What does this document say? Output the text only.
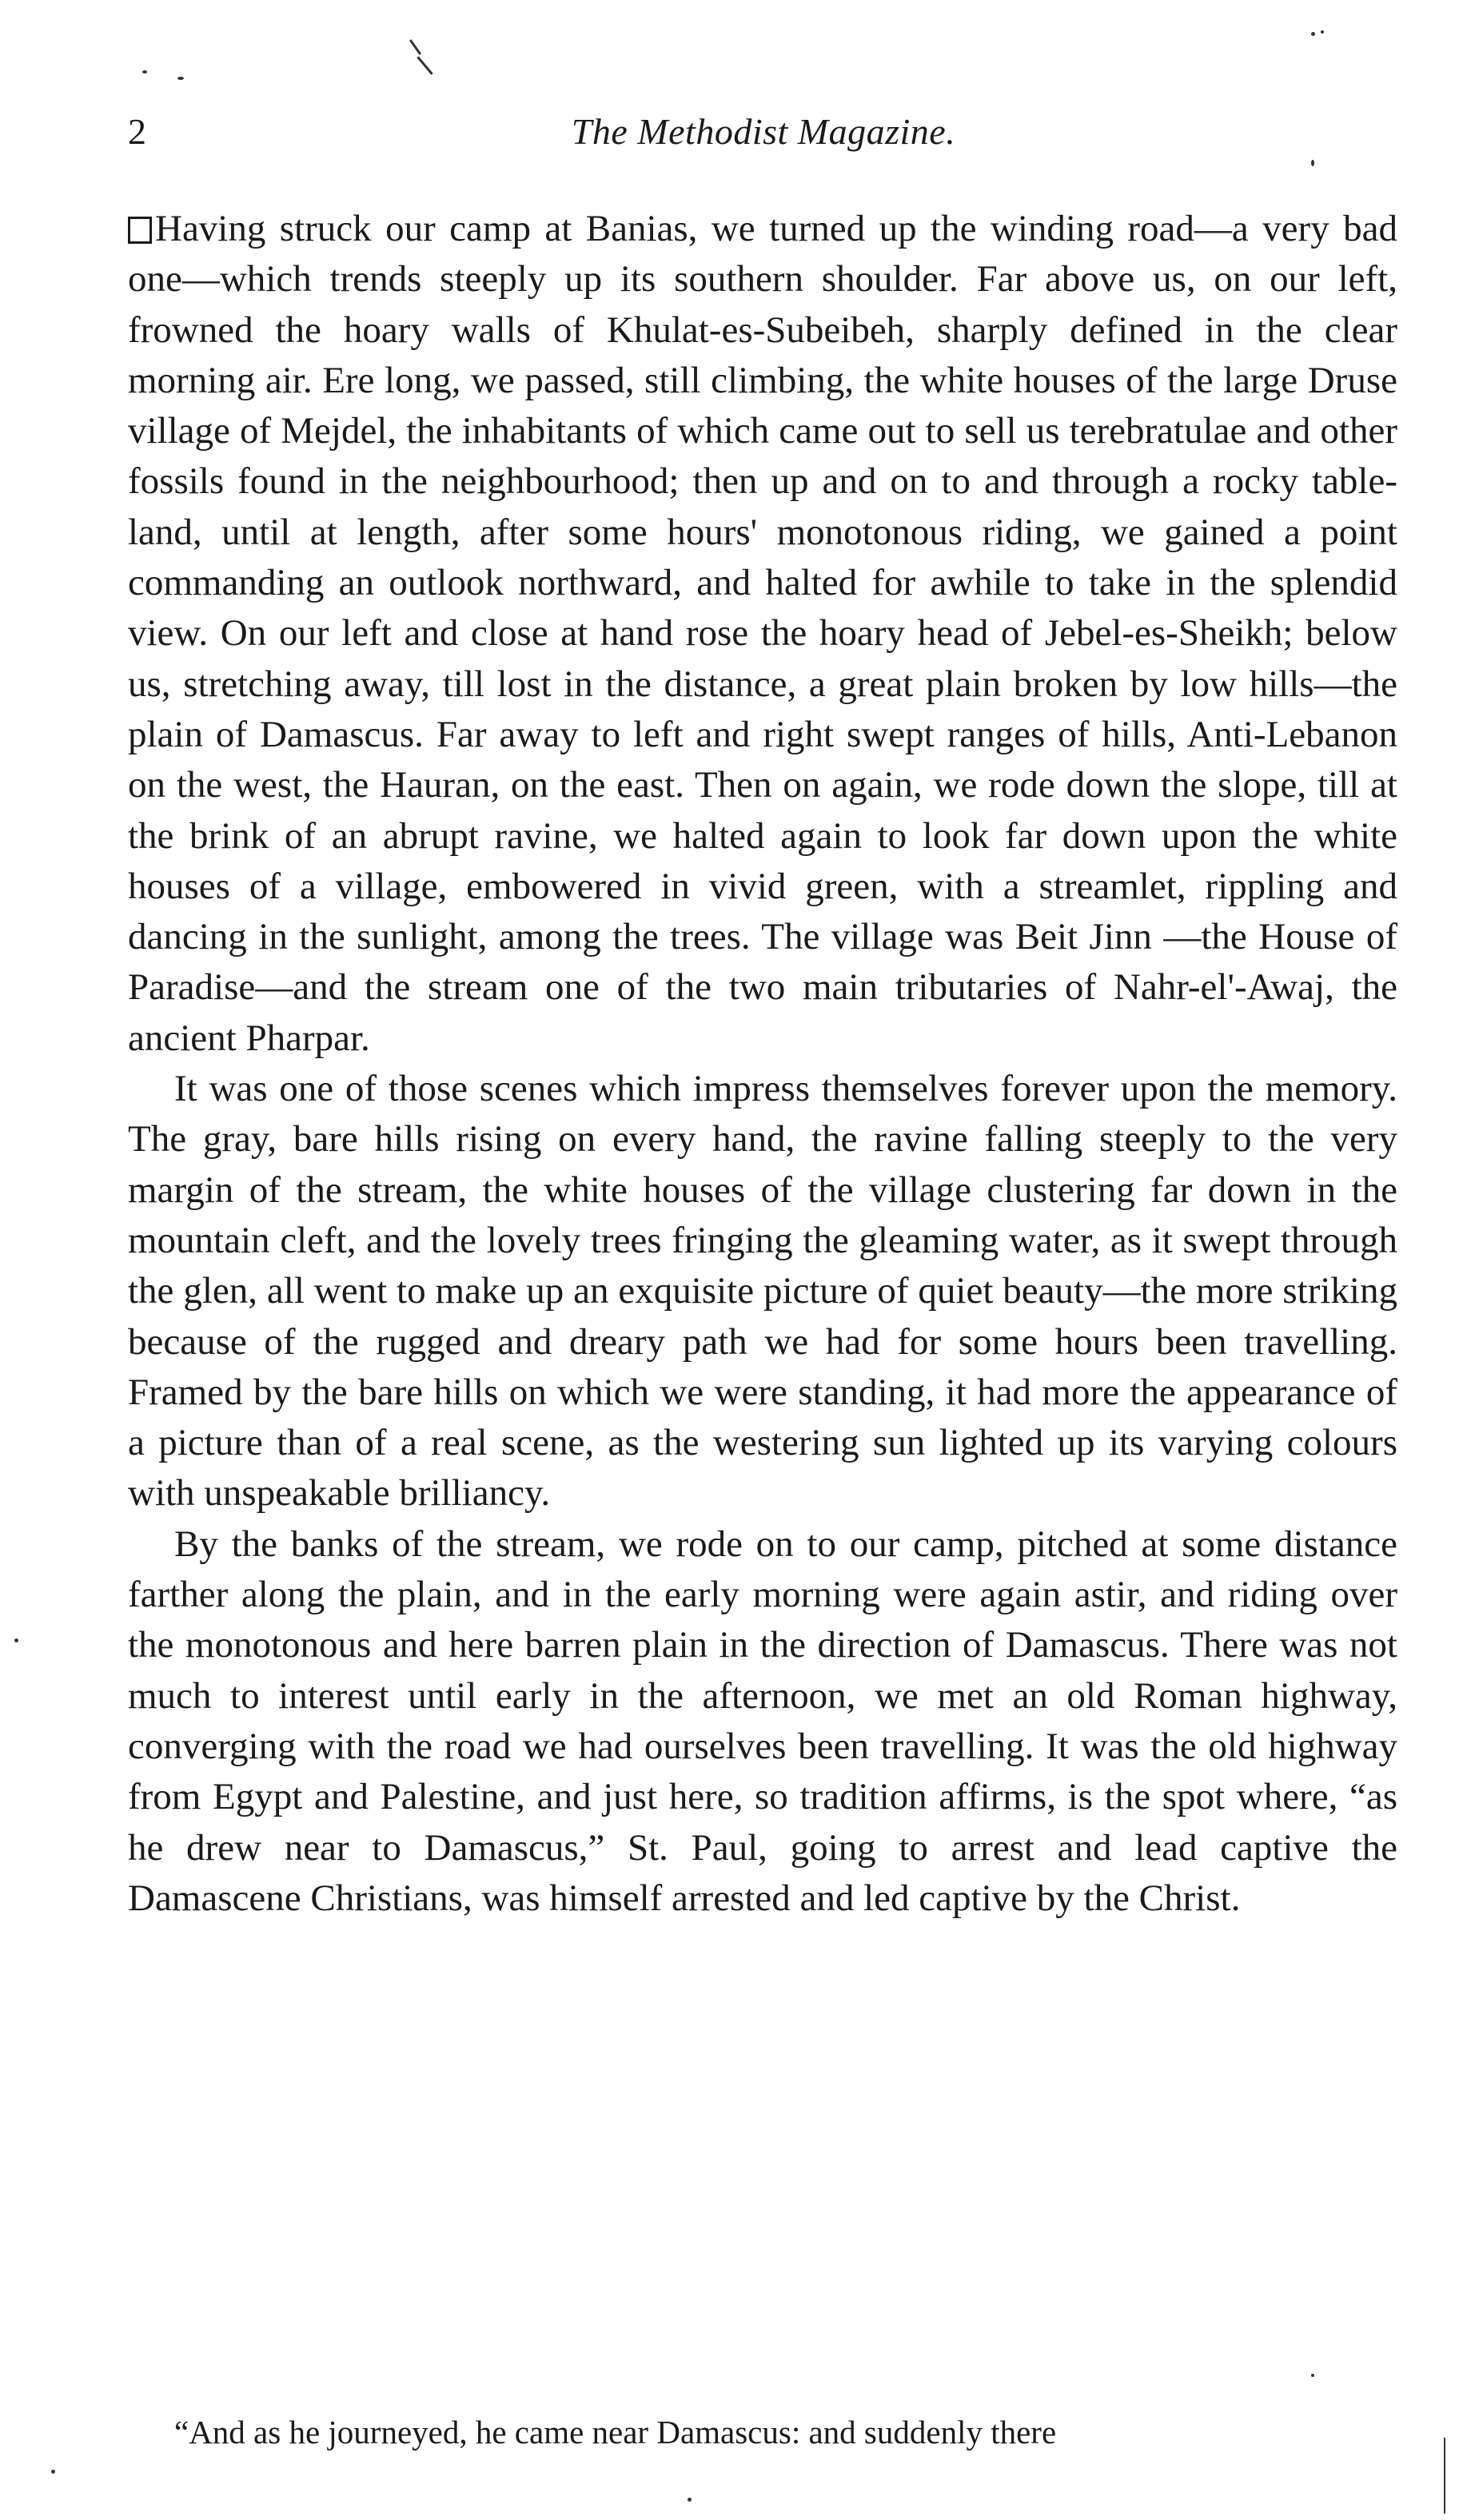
2	The Methodist Magazine.

Having struck our camp at Banias, we turned up the winding road—a very bad one—which trends steeply up its southern shoulder. Far above us, on our left, frowned the hoary walls of Khulat-es-Subeibeh, sharply defined in the clear morning air. Ere long, we passed, still climbing, the white houses of the large Druse village of Mejdel, the inhabitants of which came out to sell us terebratulae and other fossils found in the neighbourhood; then up and on to and through a rocky table-land, until at length, after some hours' monotonous riding, we gained a point commanding an outlook northward, and halted for awhile to take in the splendid view. On our left and close at hand rose the hoary head of Jebel-es-Sheikh; below us, stretching away, till lost in the distance, a great plain broken by low hills—the plain of Damascus. Far away to left and right swept ranges of hills, Anti-Lebanon on the west, the Hauran, on the east. Then on again, we rode down the slope, till at the brink of an abrupt ravine, we halted again to look far down upon the white houses of a village, embowered in vivid green, with a streamlet, rippling and dancing in the sunlight, among the trees. The village was Beit Jinn —the House of Paradise—and the stream one of the two main tributaries of Nahr-el'-Awaj, the ancient Pharpar.

It was one of those scenes which impress themselves forever upon the memory. The gray, bare hills rising on every hand, the ravine falling steeply to the very margin of the stream, the white houses of the village clustering far down in the mountain cleft, and the lovely trees fringing the gleaming water, as it swept through the glen, all went to make up an exquisite picture of quiet beauty—the more striking because of the rugged and dreary path we had for some hours been travelling. Framed by the bare hills on which we were standing, it had more the appearance of a picture than of a real scene, as the westering sun lighted up its varying colours with unspeakable brilliancy.

By the banks of the stream, we rode on to our camp, pitched at some distance farther along the plain, and in the early morning were again astir, and riding over the monotonous and here barren plain in the direction of Damascus. There was not much to interest until early in the afternoon, we met an old Roman highway, converging with the road we had ourselves been travelling. It was the old highway from Egypt and Palestine, and just here, so tradition affirms, is the spot where, “as he drew near to Damascus,” St. Paul, going to arrest and lead captive the Damascene Christians, was himself arrested and led captive by the Christ.

“And as he journeyed, he came near Damascus: and suddenly there
